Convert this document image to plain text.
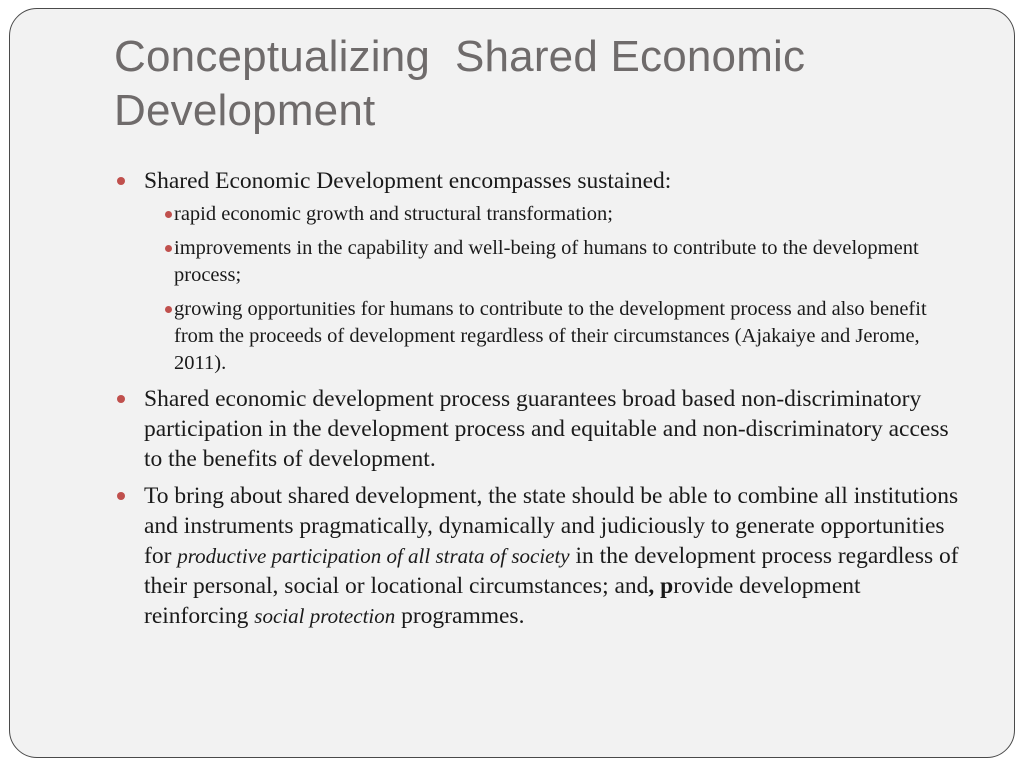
Conceptualizing  Shared Economic
Development
Shared Economic Development encompasses sustained:
rapid economic growth and structural transformation;
improvements in the capability and well-being of humans to contribute to the development process;
growing opportunities for humans to contribute to the development process and also benefit from the proceeds of development regardless of their circumstances (Ajakaiye and Jerome, 2011).
Shared economic development process guarantees broad based non-discriminatory participation in the development process and equitable and non-discriminatory access to the benefits of development.
To bring about shared development, the state should be able to combine all institutions and instruments pragmatically, dynamically and judiciously to generate opportunities for productive participation of all strata of society in the development process regardless of their personal, social or locational circumstances; and, provide development reinforcing social protection programmes.
